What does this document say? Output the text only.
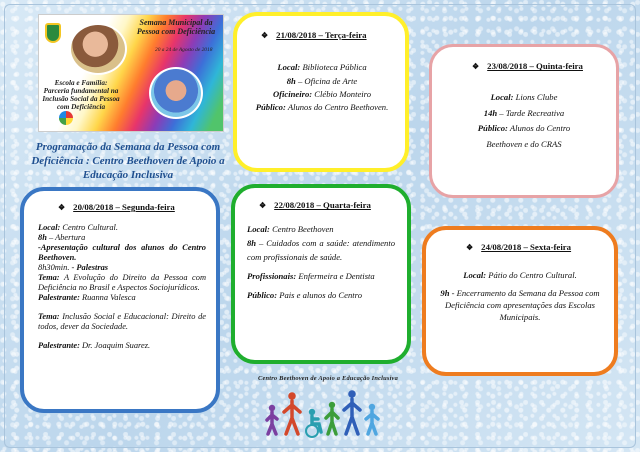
Semana Municipal da Pessoa com Deficiência
20 a 24 de Agosto de 2018
Escola e Família: Parceria fundamental na Inclusão Social da Pessoa com Deficiência
Programação da Semana da Pessoa com Deficiência : Centro Beethoven de Apoio a Educação Inclusiva
❖ 21/08/2018 – Terça-feira
Local: Biblioteca Pública
8h – Oficina de Arte
Oficineiro: Clébio Monteiro
Público: Alunos do Centro Beethoven.
❖ 23/08/2018 – Quinta-feira
Local: Lions Clube
14h – Tarde Recreativa
Público: Alunos do Centro Beethoven e do CRAS
❖ 20/08/2018 – Segunda-feira
Local: Centro Cultural.
8h – Abertura
-Apresentação cultural dos alunos do Centro Beethoven.
8h30min. - Palestras
Tema: A Evolução do Direito da Pessoa com Deficiência no Brasil e Aspectos Sociojurídicos.
Palestrante: Ruanna Valesca
Tema: Inclusão Social e Educacional: Direito de todos, dever da Sociedade.
Palestrante: Dr. Joaquim Suarez.
❖ 22/08/2018 – Quarta-feira
Local: Centro Beethoven
8h – Cuidados com a saúde: atendimento com profissionais de saúde.
Profissionais: Enfermeira e Dentista
Público: Pais e alunos do Centro
❖ 24/08/2018 – Sexta-feira
Local: Pátio do Centro Cultural.
9h - Encerramento da Semana da Pessoa com Deficiência com apresentações das Escolas Municipais.
Centro Beethoven de Apoio a Educação Inclusiva
